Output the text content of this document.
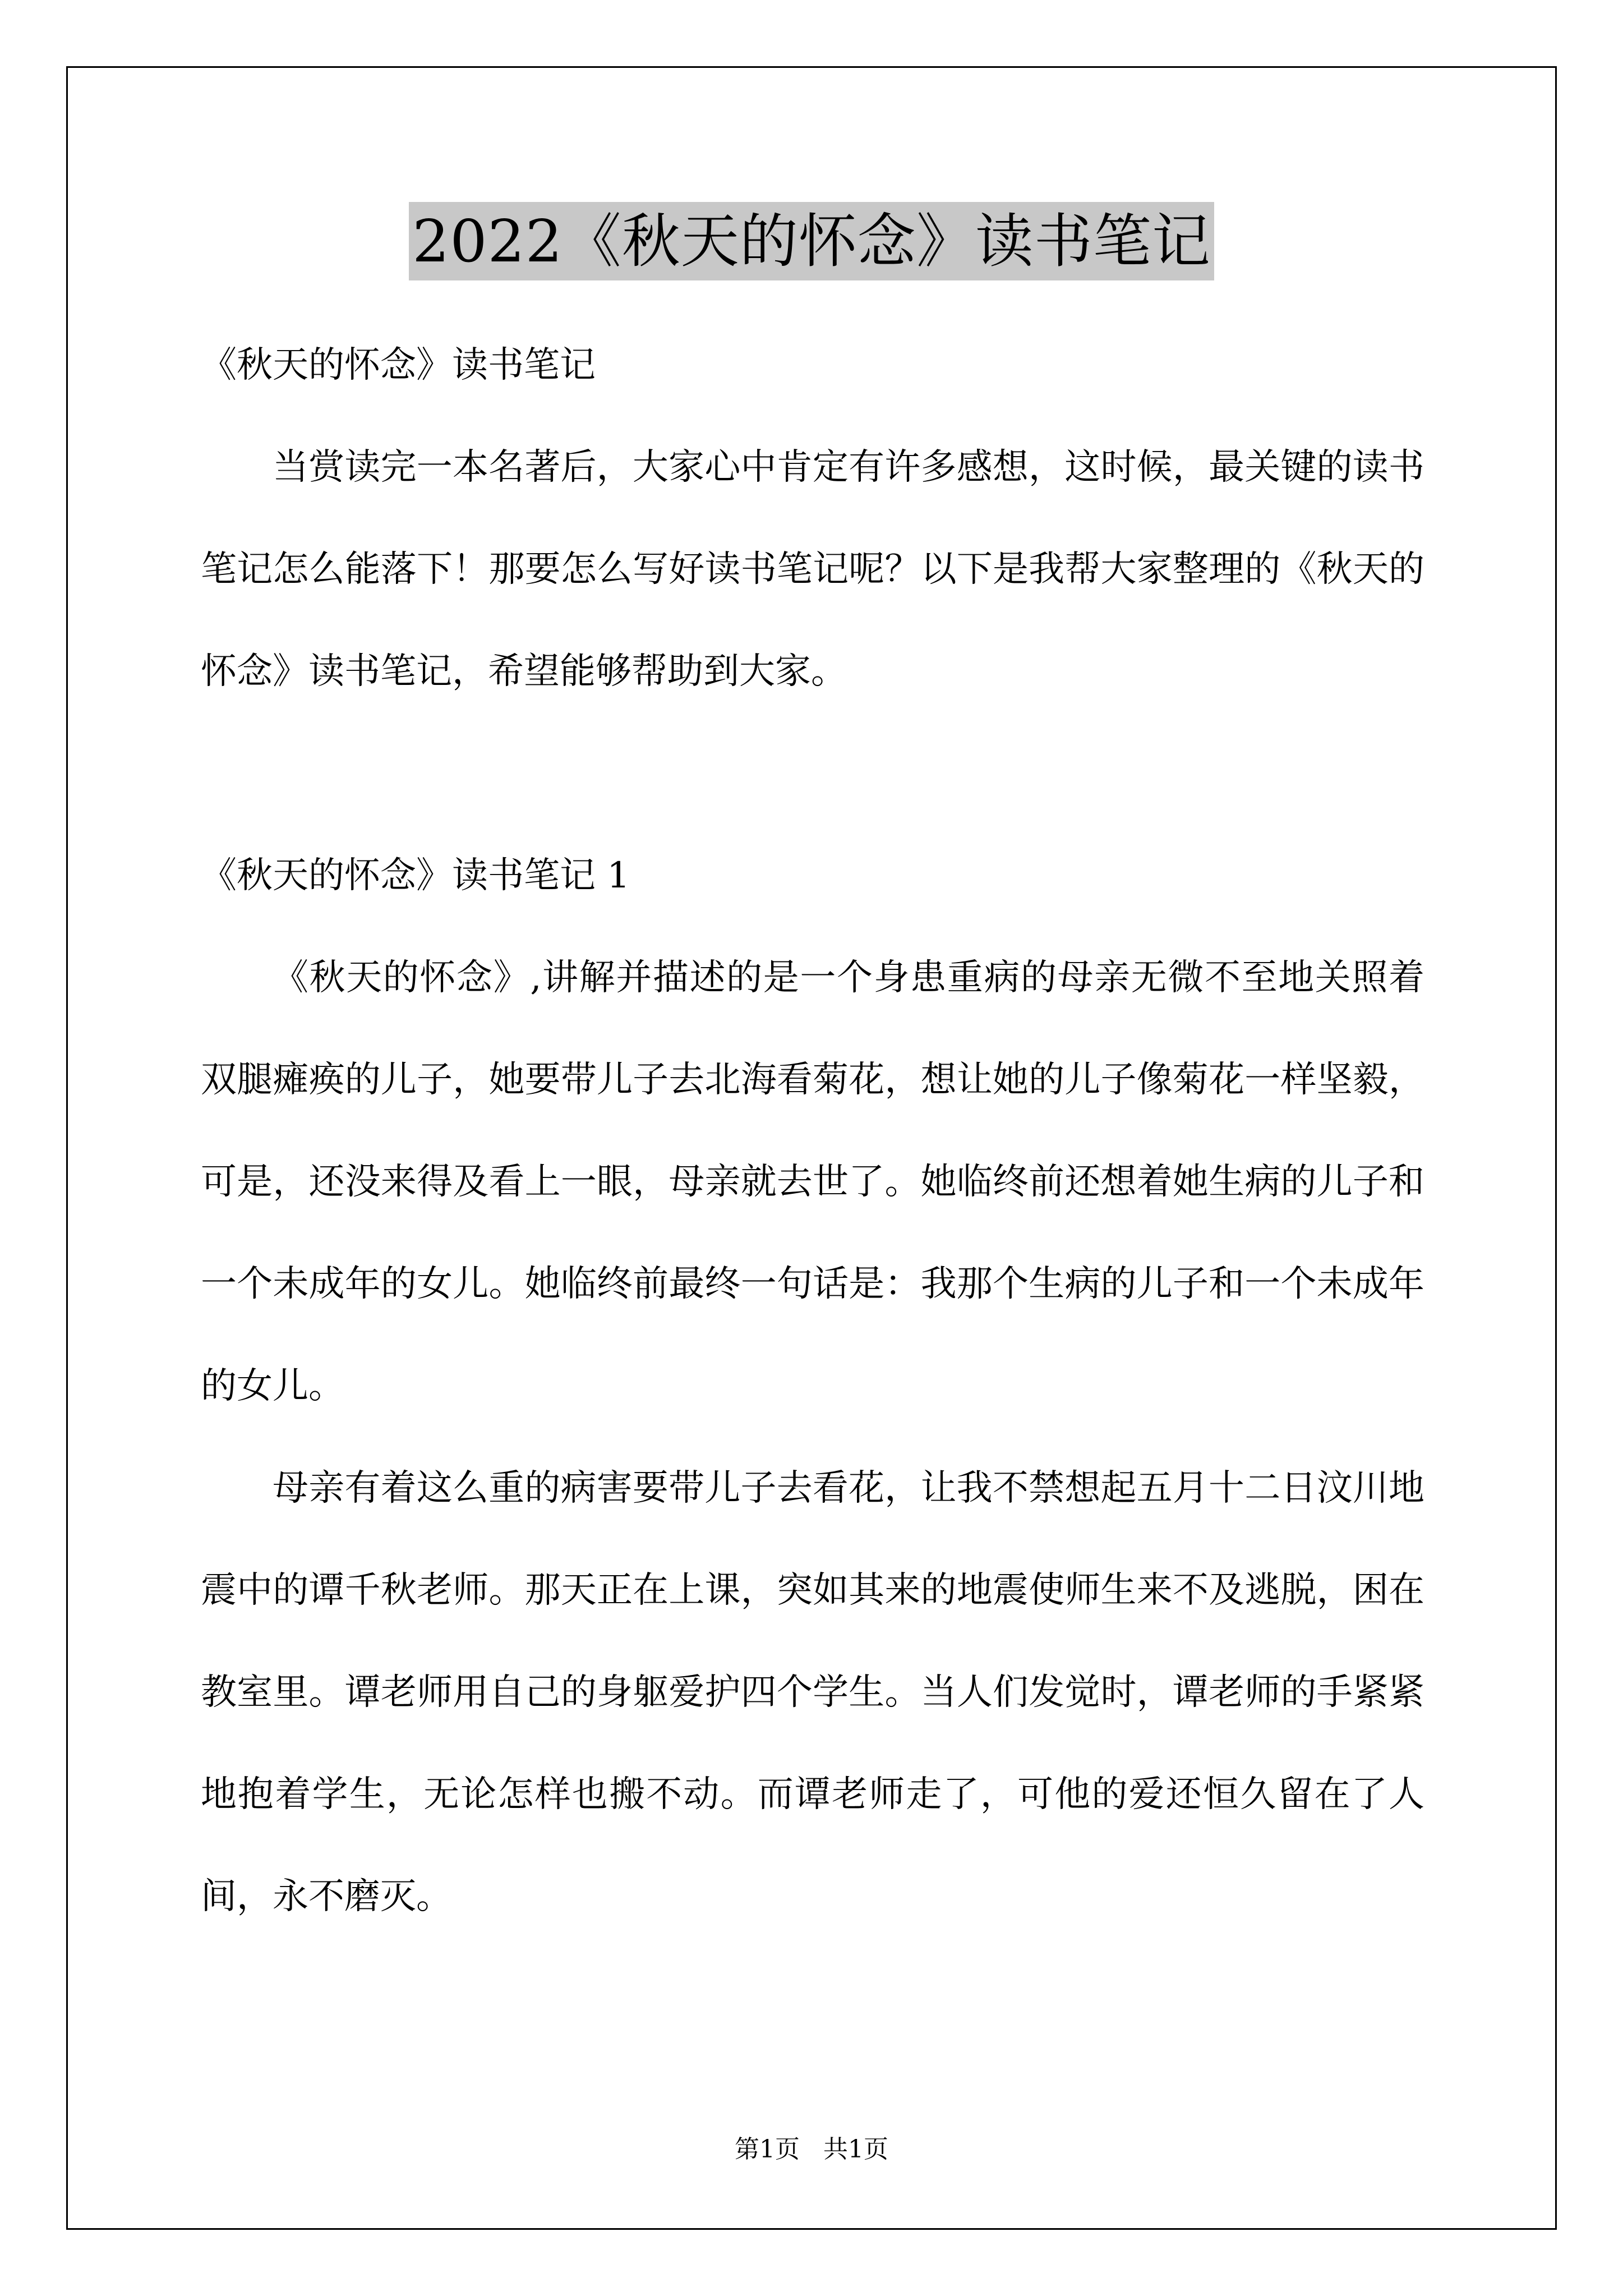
2022《秋天的怀念》读书笔记

《秋天的怀念》读书笔记

当赏读完一本名著后，大家心中肯定有许多感想，这时候，最关键的读书笔记怎么能落下！那要怎么写好读书笔记呢？以下是我帮大家整理的《秋天的怀念》读书笔记，希望能够帮助到大家。

《秋天的怀念》读书笔记 1

《秋天的怀念》,讲解并描述的是一个身患重病的母亲无微不至地关照着双腿瘫痪的儿子，她要带儿子去北海看菊花，想让她的儿子像菊花一样坚毅，可是，还没来得及看上一眼，母亲就去世了。她临终前还想着她生病的儿子和一个未成年的女儿。她临终前最终一句话是：我那个生病的儿子和一个未成年的女儿。

母亲有着这么重的病害要带儿子去看花，让我不禁想起五月十二日汶川地震中的谭千秋老师。那天正在上课，突如其来的地震使师生来不及逃脱，困在教室里。谭老师用自己的身躯爱护四个学生。当人们发觉时，谭老师的手紧紧地抱着学生，无论怎样也搬不动。而谭老师走了，可他的爱还恒久留在了人间，永不磨灭。

第1页 共1页
